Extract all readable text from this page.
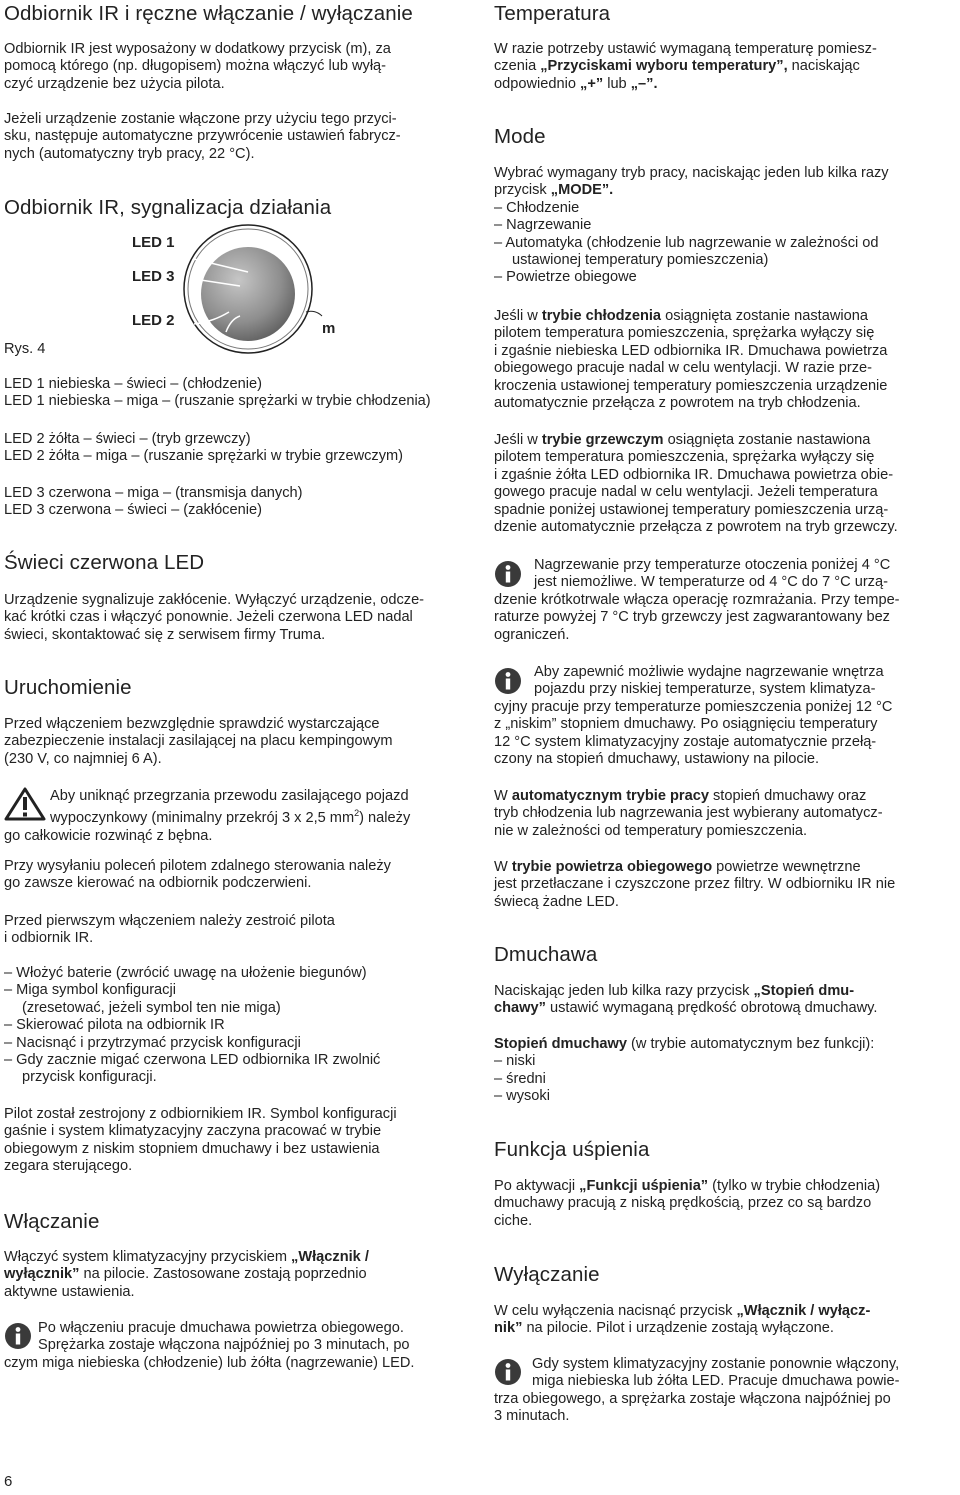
Odbiornik IR i ręczne włączanie / wyłączanie

Odbiornik IR jest wyposażony w dodatkowy przycisk (m), za

pomocą którego (np. długopisem) można włączyć lub wyłą-

czyć urządzenie bez użycia pilota.

Jeżeli urządzenie zostanie włączone przy użyciu tego przyci-

sku, następuje automatyczne przywrócenie ustawień fabrycz-

nych (automatyczny tryb pracy, 22 °C).

Odbiornik IR, sygnalizacja działania
LED 1
LED 3
LED 2	m
Rys. 4

LED 1 niebieska – świeci – (chłodzenie)

LED 1 niebieska – miga – (ruszanie sprężarki w trybie chłodzenia)

LED 2 żółta – świeci – (tryb grzewczy)

LED 2 żółta – miga – (ruszanie sprężarki w trybie grzewczym)

LED 3 czerwona – miga – (transmisja danych)

LED 3 czerwona – świeci – (zakłócenie)

Świeci czerwona LED

Urządzenie sygnalizuje zakłócenie. Wyłączyć urządzenie, odcze-

kać krótki czas i włączyć ponownie. Jeżeli czerwona LED nadal

świeci, skontaktować się z serwisem firmy Truma.

Uruchomienie

Przed włączeniem bezwzględnie sprawdzić wystarczające

zabezpieczenie instalacji zasilającej na placu kempingowym

(230 V, co najmniej 6 A).

Aby uniknąć przegrzania przewodu zasilającego pojazd

wypoczynkowy (minimalny przekrój 3 x 2,5 $mm^2$) należy

go całkowicie rozwinąć z bębna.

Przy wysyłaniu poleceń pilotem zdalnego sterowania należy

go zawsze kierować na odbiornik podczerwieni.

Przed pierwszym włączeniem należy zestroić pilota

i odbiornik IR.

– Włożyć baterie (zwrócić uwagę na ułożenie biegunów)

– Miga symbol konfiguracji

(zresetować, jeżeli symbol ten nie miga)

– Skierować pilota na odbiornik IR

– Nacisnąć i przytrzymać przycisk konfiguracji

– Gdy zacznie migać czerwona LED odbiornika IR zwolnić

przycisk konfiguracji.

Pilot został zestrojony z odbiornikiem IR. Symbol konfiguracji

gaśnie i system klimatyzacyjny zaczyna pracować w trybie

obiegowym z niskim stopniem dmuchawy i bez ustawienia

zegara sterującego.

Włączanie

Włączyć system klimatyzacyjny przyciskiem „Włącznik /

wyłącznik” na pilocie. Zastosowane zostają poprzednio

aktywne ustawienia.

Po włączeniu pracuje dmuchawa powietrza obiegowego.

Sprężarka zostaje włączona najpóźniej po 3 minutach, po

czym miga niebieska (chłodzenie) lub żółta (nagrzewanie) LED.

6
Temperatura

W razie potrzeby ustawić wymaganą temperaturę pomiesz-

czenia „Przyciskami wyboru temperatury”, naciskając

odpowiednio „+” lub „–”.

Mode

Wybrać wymagany tryb pracy, naciskając jeden lub kilka razy

przycisk „MODE”.

– Chłodzenie

– Nagrzewanie

– Automatyka (chłodzenie lub nagrzewanie w zależności od

ustawionej temperatury pomieszczenia)

– Powietrze obiegowe

Jeśli w trybie chłodzenia osiągnięta zostanie nastawiona

pilotem temperatura pomieszczenia, sprężarka wyłączy się

i zgaśnie niebieska LED odbiornika IR. Dmuchawa powietrza

obiegowego pracuje nadal w celu wentylacji. W razie prze-

kroczenia ustawionej temperatury pomieszczenia urządzenie

automatycznie przełącza z powrotem na tryb chłodzenia.

Jeśli w trybie grzewczym osiągnięta zostanie nastawiona

pilotem temperatura pomieszczenia, sprężarka wyłączy się

i zgaśnie żółta LED odbiornika IR. Dmuchawa powietrza obie-

gowego pracuje nadal w celu wentylacji. Jeżeli temperatura

spadnie poniżej ustawionej temperatury pomieszczenia urzą-

dzenie automatycznie przełącza z powrotem na tryb grzewczy.

Nagrzewanie przy temperaturze otoczenia poniżej 4 °C

jest niemożliwe. W temperaturze od 4 °C do 7 °C urzą-

dzenie krótkotrwale włącza operację rozmrażania. Przy tempe-

raturze powyżej 7 °C tryb grzewczy jest zagwarantowany bez

ograniczeń.

Aby zapewnić możliwie wydajne nagrzewanie wnętrza

pojazdu przy niskiej temperaturze, system klimatyza-

cyjny pracuje przy temperaturze pomieszczenia poniżej 12 °C

z „niskim” stopniem dmuchawy. Po osiągnięciu temperatury

12 °C system klimatyzacyjny zostaje automatycznie przełą-

czony na stopień dmuchawy, ustawiony na pilocie.

W automatycznym trybie pracy stopień dmuchawy oraz

tryb chłodzenia lub nagrzewania jest wybierany automatycz-

nie w zależności od temperatury pomieszczenia.

W trybie powietrza obiegowego powietrze wewnętrzne

jest przetłaczane i czyszczone przez filtry. W odbiorniku IR nie

świecą żadne LED.

Dmuchawa

Naciskając jeden lub kilka razy przycisk „Stopień dmu-

chawy” ustawić wymaganą prędkość obrotową dmuchawy.

Stopień dmuchawy (w trybie automatycznym bez funkcji):

– niski

– średni

– wysoki

Funkcja uśpienia

Po aktywacji „Funkcji uśpienia” (tylko w trybie chłodzenia)

dmuchawy pracują z niską prędkością, przez co są bardzo

ciche.

Wyłączanie

W celu wyłączenia nacisnąć przycisk „Włącznik / wyłącz-

nik” na pilocie. Pilot i urządzenie zostają wyłączone.

Gdy system klimatyzacyjny zostanie ponownie włączony,

miga niebieska lub żółta LED. Pracuje dmuchawa powie-

trza obiegowego, a sprężarka zostaje włączona najpóźniej po

3 minutach.
